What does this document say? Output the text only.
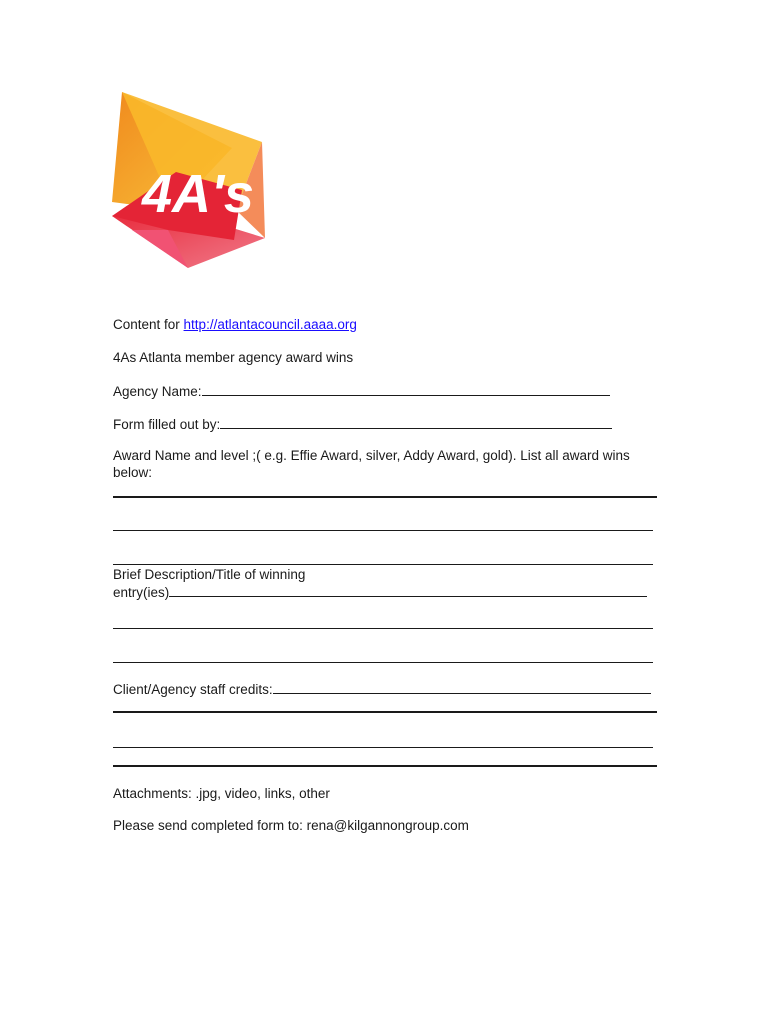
4A's
Content for http://atlantacouncil.aaaa.org
4As Atlanta member agency award wins
Agency Name:
Form filled out by:
Award Name and level ;( e.g. Effie Award, silver, Addy Award, gold). List all award wins below:
Brief Description/Title of winning
entry(ies)
Client/Agency staff credits:
Attachments: .jpg, video, links, other
Please send completed form to: rena@kilgannongroup.com
